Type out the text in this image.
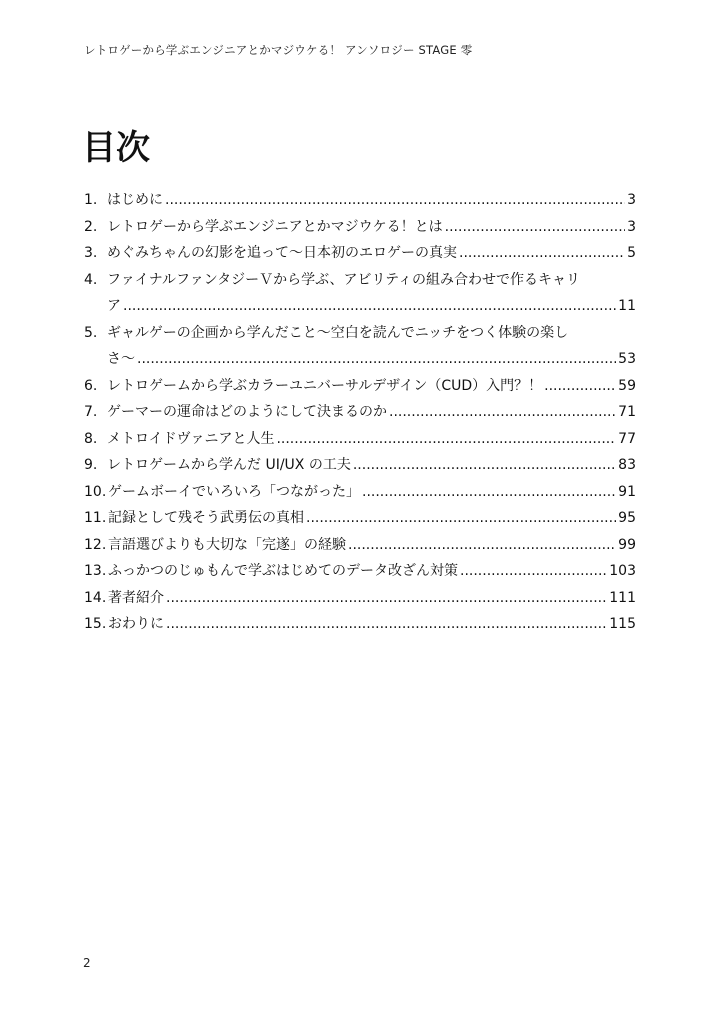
レトロゲーから学ぶエンジニアとかマジウケる！ アンソロジー STAGE 零
目次
1. はじめに .....	3
2. レトロゲーから学ぶエンジニアとかマジウケる！とは .....	3
3. めぐみちゃんの幻影を追って～日本初のエロゲーの真実 .....	5
4. ファイナルファンタジーＶから学ぶ、アビリティの組み合わせで作るキャリ
ア .....	11
5. ギャルゲーの企画から学んだこと～空白を読んでニッチをつく体験の楽し
さ～ .....	53
6. レトロゲームから学ぶカラーユニバーサルデザイン（CUD）入門？！ .....	59
7. ゲーマーの運命はどのようにして決まるのか .....	71
8. メトロイドヴァニアと人生 .....	77
9. レトロゲームから学んだ UI/UX の工夫 .....	83
10. ゲームボーイでいろいろ「つながった」 .....	91
11. 記録として残そう武勇伝の真相 .....	95
12. 言語選びよりも大切な「完遂」の経験 .....	99
13. ふっかつのじゅもんで学ぶはじめてのデータ改ざん対策 .....	103
14. 著者紹介 .....	111
15. おわりに .....	115
2
